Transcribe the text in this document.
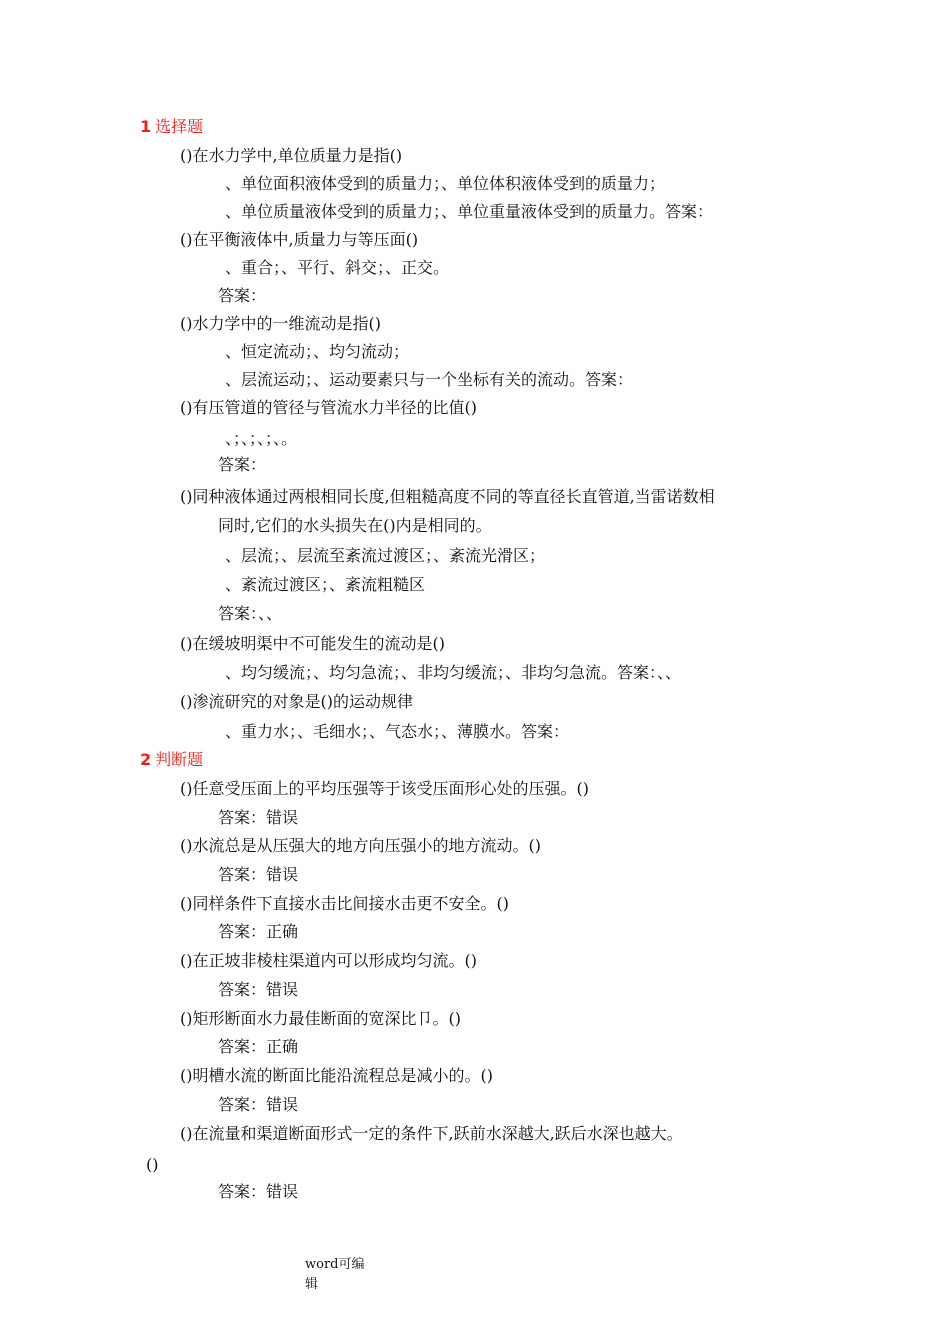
1 选择题
()在水力学中,单位质量力是指()
、单位面积液体受到的质量力；、单位体积液体受到的质量力；
、单位质量液体受到的质量力；、单位重量液体受到的质量力。答案：
()在平衡液体中,质量力与等压面()
、重合；、平行、斜交；、正交。
答案：
()水力学中的一维流动是指()
、恒定流动；、均匀流动；
、层流运动；、运动要素只与一个坐标有关的流动。答案：
()有压管道的管径与管流水力半径的比值()
、；、；、；、。
答案：
()同种液体通过两根相同长度,但粗糙高度不同的等直径长直管道,当雷诺数相
同时,它们的水头损失在()内是相同的。
、层流；、层流至紊流过渡区；、紊流光滑区；
、紊流过渡区；、紊流粗糙区
答案：、、
()在缓坡明渠中不可能发生的流动是()
、均匀缓流；、均匀急流；、非均匀缓流；、非均匀急流。答案：、、
()渗流研究的对象是()的运动规律
、重力水；、毛细水；、气态水；、薄膜水。答案：
2 判断题
()任意受压面上的平均压强等于该受压面形心处的压强。()
答案：错误
()水流总是从压强大的地方向压强小的地方流动。()
答案：错误
()同样条件下直接水击比间接水击更不安全。()
答案：正确
()在正坡非棱柱渠道内可以形成均匀流。()
答案：错误
()矩形断面水力最佳断面的宽深比卩。()
答案：正确
()明槽水流的断面比能沿流程总是减小的。()
答案：错误
()在流量和渠道断面形式一定的条件下,跃前水深越大,跃后水深也越大。
()
答案：错误
word可编辑
